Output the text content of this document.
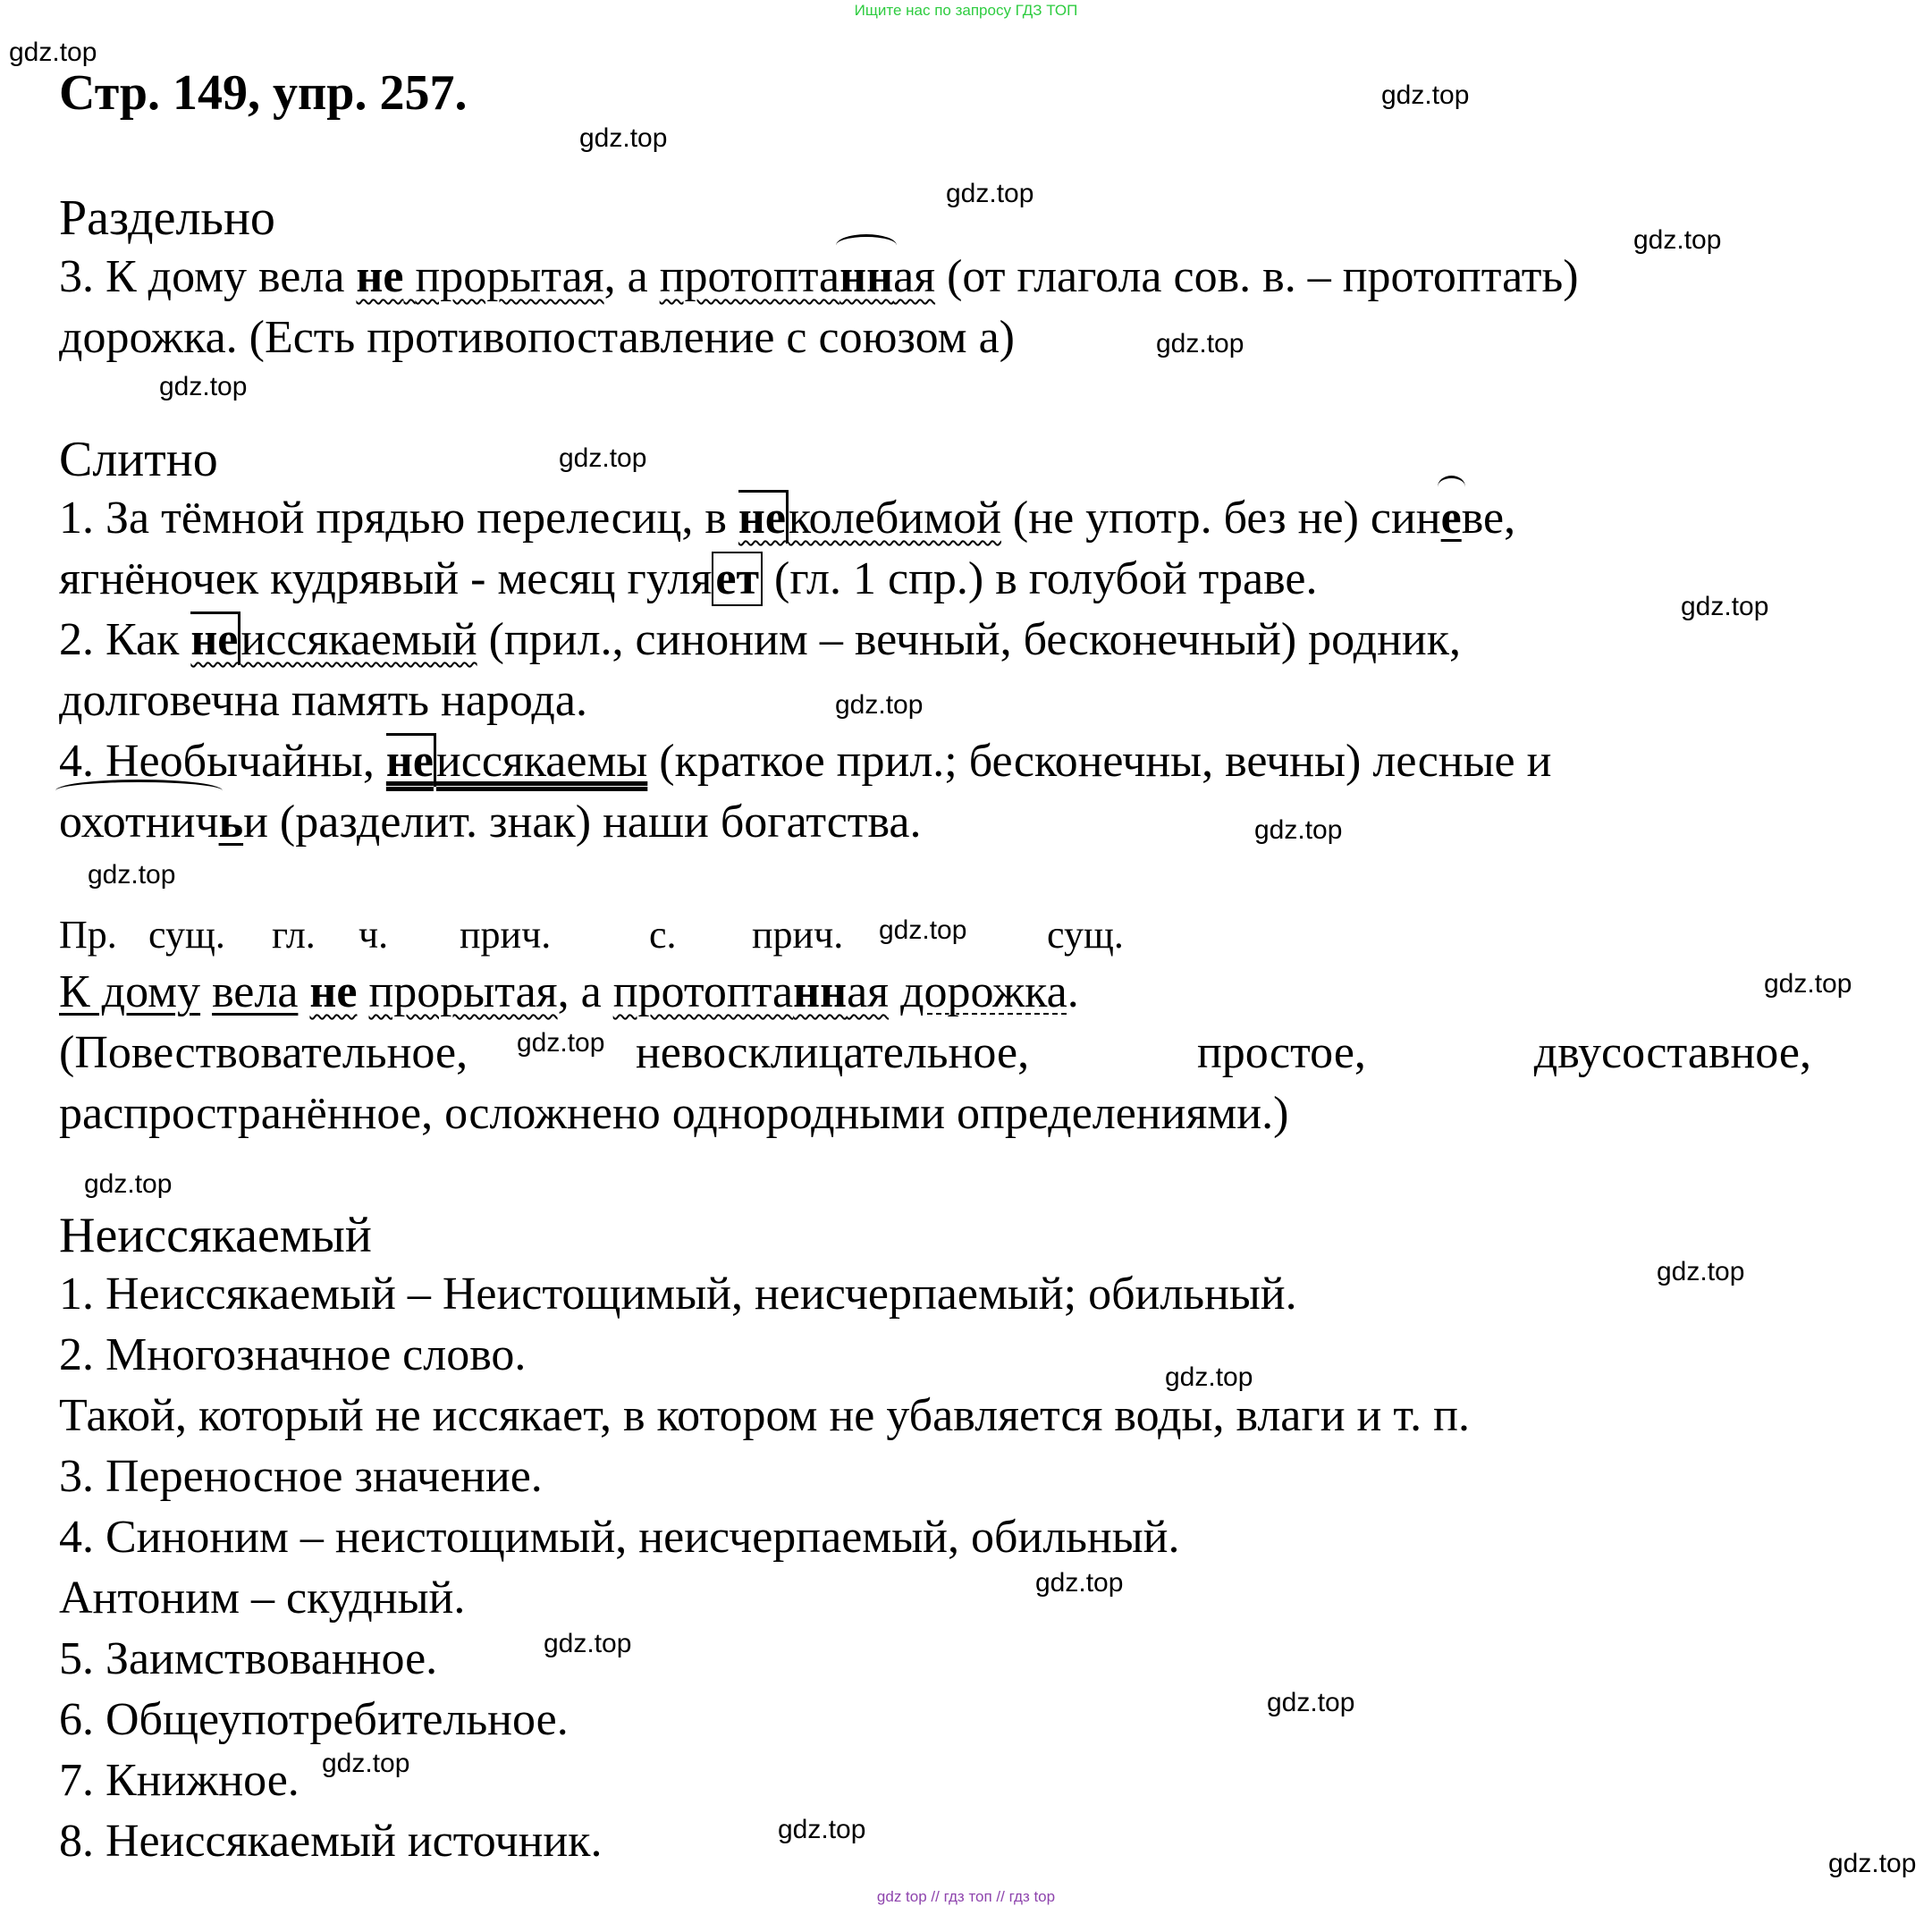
Ищите нас по запросу ГДЗ ТОП
Стр. 149, упр. 257.
Раздельно
3. К дому вела не прорытая, а протоптанная (от глагола сов. в. – протоптать)
дорожка. (Есть противопоставление с союзом а)
Слитно
1. За тёмной прядью перелесиц, в неколебимой (не употр. без не) синеве,
ягнёночек кудрявый - месяц гуляет (гл. 1 спр.) в голубой траве.
2. Как неиссякаемый (прил., синоним – вечный, бесконечный) родник,
долговечна память народа.
4. Необычайны, неиссякаемы (краткое прил.; бесконечны, вечны) лесные и
охотничьи (разделит. знак) наши богатства.
Пр. сущ. гл. ч. прич. с. прич.	сущ.
К дому вела не прорытая, а протоптанная дорожка.
(Повествовательное,	невосклицательное,	простое,	двусоставное,
распространённое, осложнено однородными определениями.)
Неиссякаемый
1. Неиссякаемый – Неистощимый, неисчерпаемый; обильный.
2. Многозначное слово.
Такой, который не иссякает, в котором не убавляется воды, влаги и т. п.
3. Переносное значение.
4. Синоним – неистощимый, неисчерпаемый, обильный.
Антоним – скудный.
5. Заимствованное.
6. Общеупотребительное.
7. Книжное.
8. Неиссякаемый источник.
gdz.top
gdz.top
gdz.top
gdz.top
gdz.top
gdz.top
gdz.top
gdz.top
gdz.top
gdz.top
gdz.top
gdz.top
gdz.top
gdz.top
gdz.top
gdz.top
gdz.top
gdz.top
gdz.top
gdz.top
gdz.top
gdz.top
gdz.top
gdz.top
gdz top // гдз топ // гдз top
